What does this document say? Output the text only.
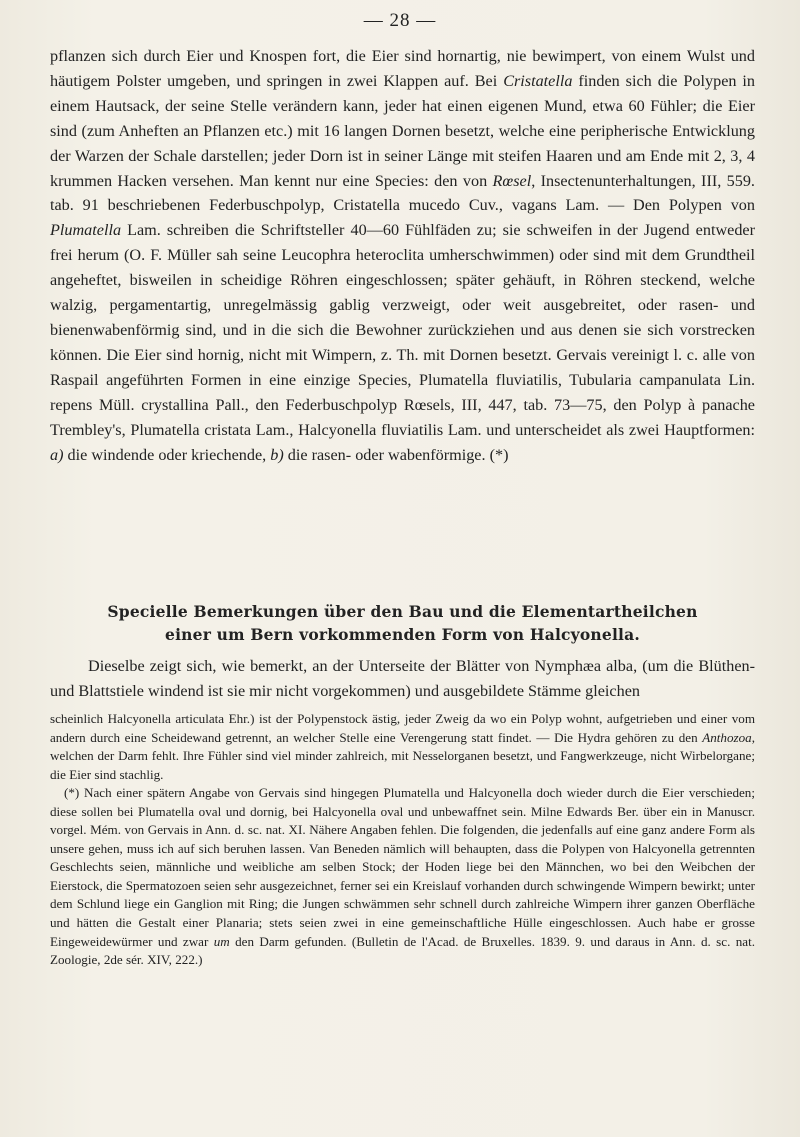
— 28 —

pflanzen sich durch Eier und Knospen fort, die Eier sind hornartig, nie bewimpert, von einem Wulst und häutigem Polster umgeben, und springen in zwei Klappen auf. Bei Cristatella finden sich die Polypen in einem Hautsack, der seine Stelle verändern kann, jeder hat einen eigenen Mund, etwa 60 Fühler; die Eier sind (zum Anheften an Pflanzen etc.) mit 16 langen Dornen besetzt, welche eine peripherische Entwicklung der Warzen der Schale darstellen; jeder Dorn ist in seiner Länge mit steifen Haaren und am Ende mit 2, 3, 4 krummen Hacken versehen. Man kennt nur eine Species: den von Rœsel, Insectenunterhaltungen, III, 559. tab. 91 beschriebenen Federbuschpolyp, Cristatella mucedo Cuv., vagans Lam. — Den Polypen von Plumatella Lam. schreiben die Schriftsteller 40—60 Fühlfäden zu; sie schweifen in der Jugend entweder frei herum (O. F. Müller sah seine Leucophra heteroclita umherschwimmen) oder sind mit dem Grundtheil angeheftet, bisweilen in scheidige Röhren eingeschlossen; später gehäuft, in Röhren steckend, welche walzig, pergamentartig, unregelmässig gablig verzweigt, oder weit ausgebreitet, oder rasen- und bienenwabenförmig sind, und in die sich die Bewohner zurückziehen und aus denen sie sich vorstrecken können. Die Eier sind hornig, nicht mit Wimpern, z. Th. mit Dornen besetzt. Gervais vereinigt l. c. alle von Raspail angeführten Formen in eine einzige Species, Plumatella fluviatilis, Tubularia campanulata Lin. repens Müll. crystallina Pall., den Federbuschpolyp Rœsels, III, 447, tab. 73—75, den Polyp à panache Trembley's, Plumatella cristata Lam., Halcyonella fluviatilis Lam. und unterscheidet als zwei Hauptformen: a) die windende oder kriechende, b) die rasen- oder wabenförmige. (*)

Specielle Bemerkungen über den Bau und die Elementartheilchen
einer um Bern vorkommenden Form von Halcyonella.

Dieselbe zeigt sich, wie bemerkt, an der Unterseite der Blätter von Nymphæa alba, (um die Blüthen- und Blattstiele windend ist sie mir nicht vorgekommen) und ausgebildete Stämme gleichen

scheinlich Halcyonella articulata Ehr.) ist der Polypenstock ästig, jeder Zweig da wo ein Polyp wohnt, aufgetrieben und einer vom andern durch eine Scheidewand getrennt, an welcher Stelle eine Verengerung statt findet. — Die Hydra gehören zu den Anthozoa, welchen der Darm fehlt. Ihre Fühler sind viel minder zahlreich, mit Nesselorganen besetzt, und Fangwerkzeuge, nicht Wirbelorgane; die Eier sind stachlig.

(*) Nach einer spätern Angabe von Gervais sind hingegen Plumatella und Halcyonella doch wieder durch die Eier verschieden; diese sollen bei Plumatella oval und dornig, bei Halcyonella oval und unbewaffnet sein. Milne Edwards Ber. über ein in Manuscr. vorgel. Mém. von Gervais in Ann. d. sc. nat. XI. Nähere Angaben fehlen. Die folgenden, die jedenfalls auf eine ganz andere Form als unsere gehen, muss ich auf sich beruhen lassen. Van Beneden nämlich will behaupten, dass die Polypen von Halcyonella getrennten Geschlechts seien, männliche und weibliche am selben Stock; der Hoden liege bei den Männchen, wo bei den Weibchen der Eierstock, die Spermatozoen seien sehr ausgezeichnet, ferner sei ein Kreislauf vorhanden durch schwingende Wimpern bewirkt; unter dem Schlund liege ein Ganglion mit Ring; die Jungen schwämmen sehr schnell durch zahlreiche Wimpern ihrer ganzen Oberfläche und hätten die Gestalt einer Planaria; stets seien zwei in eine gemeinschaftliche Hülle eingeschlossen. Auch habe er grosse Eingeweidewürmer und zwar um den Darm gefunden. (Bulletin de l'Acad. de Bruxelles. 1839. 9. und daraus in Ann. d. sc. nat. Zoologie, 2de sér. XIV, 222.)
